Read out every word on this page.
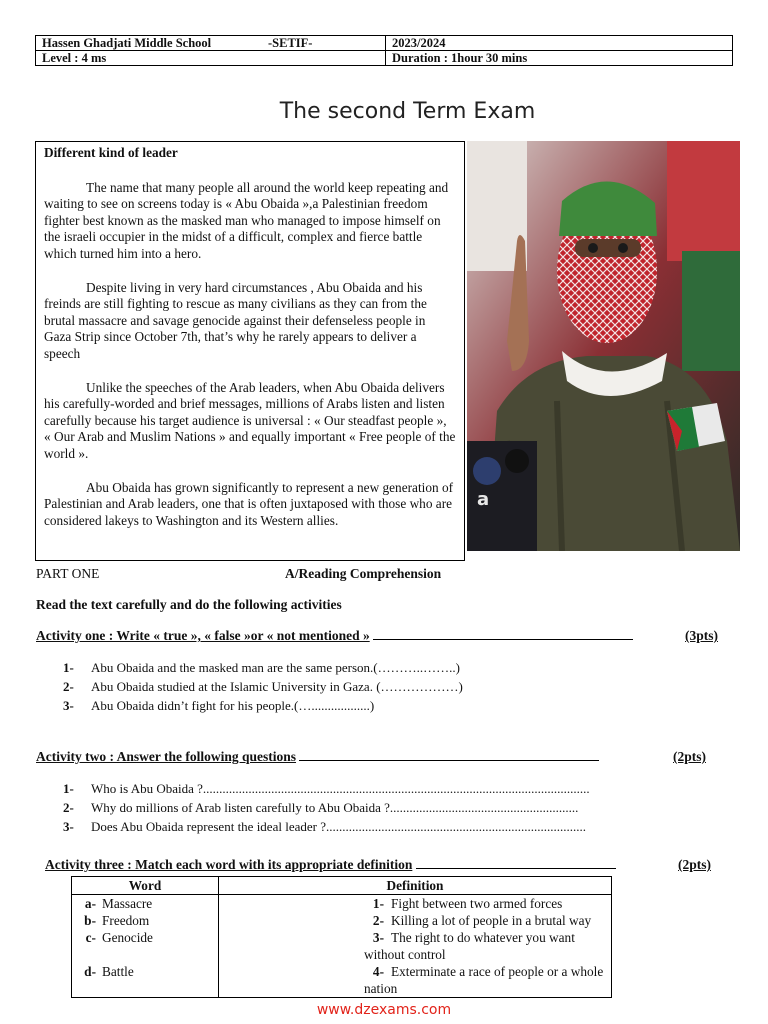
Hassen Ghadjati Middle School -SETIF-	2023/2024
Level : 4 ms	Duration : 1hour 30 mins
The second Term Exam
Different kind of leader

The name that many people all around the world keep repeating and waiting to see on screens today is « Abu Obaida »,a Palestinian freedom fighter best known as the masked man who managed to impose himself on the israeli occupier in the midst of a difficult, complex and fierce battle which turned him into a hero.

Despite living in very hard circumstances , Abu Obaida and his freinds are still fighting to rescue as many civilians as they can from the brutal massacre and savage genocide against their defenseless people in Gaza Strip since October 7th, that’s why he rarely appears to deliver a speech

Unlike the speeches of the Arab leaders, when Abu Obaida delivers his carefully-worded and brief messages, millions of Arabs listen and listen carefully because his target audience is universal : « Our steadfast people », « Our Arab and Muslim Nations » and equally important « Free people of the world ».

Abu Obaida has grown significantly to represent a new generation of Palestinian and Arab leaders, one that is often juxtaposed with those who are considered lakeys to Washington and its Western allies.

a
PART ONE	A/Reading Comprehension
Read the text carefully and do the following activities
Activity one : Write « true », « false »or « not mentioned »	(3pts)
1- Abu Obaida and the masked man are the same person.(………..……..)
2- Abu Obaida studied at the Islamic University in Gaza. (………………)
3- Abu Obaida didn’t fight for his people.(…..................)
Activity two : Answer the following questions	(2pts)
1- Who is Abu Obaida ?.......................................................................................................................
2- Why do millions of Arab listen carefully to Abu Obaida ?..........................................................
3- Does Abu Obaida represent the ideal leader ?................................................................................
Activity three : Match each word with its appropriate definition	(2pts)
Word	Definition
a- Massacre	1- Fight between two armed forces
b- Freedom	2- Killing a lot of people in a brutal way
c- Genocide	3- The right to do whatever you want without control
d- Battle	4- Exterminate a race of people or a whole nation
www.dzexams.com
